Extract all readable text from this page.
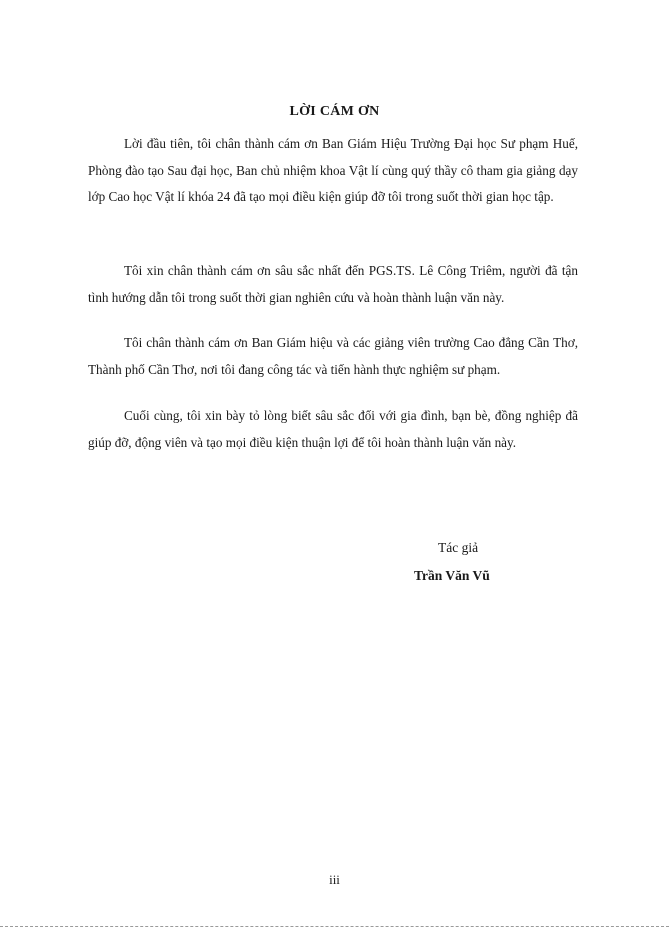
LỜI CÁM ƠN

Lời đầu tiên, tôi chân thành cám ơn Ban Giám Hiệu Trường Đại học Sư phạm Huế, Phòng đào tạo Sau đại học, Ban chủ nhiệm khoa Vật lí cùng quý thầy cô tham gia giảng dạy lớp Cao học Vật lí khóa 24 đã tạo mọi điều kiện giúp đỡ tôi trong suốt thời gian học tập.

Tôi xin chân thành cám ơn sâu sắc nhất đến PGS.TS. Lê Công Triêm, người đã tận tình hướng dẫn tôi trong suốt thời gian nghiên cứu và hoàn thành luận văn này.

Tôi chân thành cám ơn Ban Giám hiệu và các giảng viên trường Cao đẳng Cần Thơ, Thành phố Cần Thơ, nơi tôi đang công tác và tiến hành thực nghiệm sư phạm.

Cuối cùng, tôi xin bày tỏ lòng biết sâu sắc đối với gia đình, bạn bè, đồng nghiệp đã giúp đỡ, động viên và tạo mọi điều kiện thuận lợi để tôi hoàn thành luận văn này.

Tác giả
Trần Văn Vũ
iii
